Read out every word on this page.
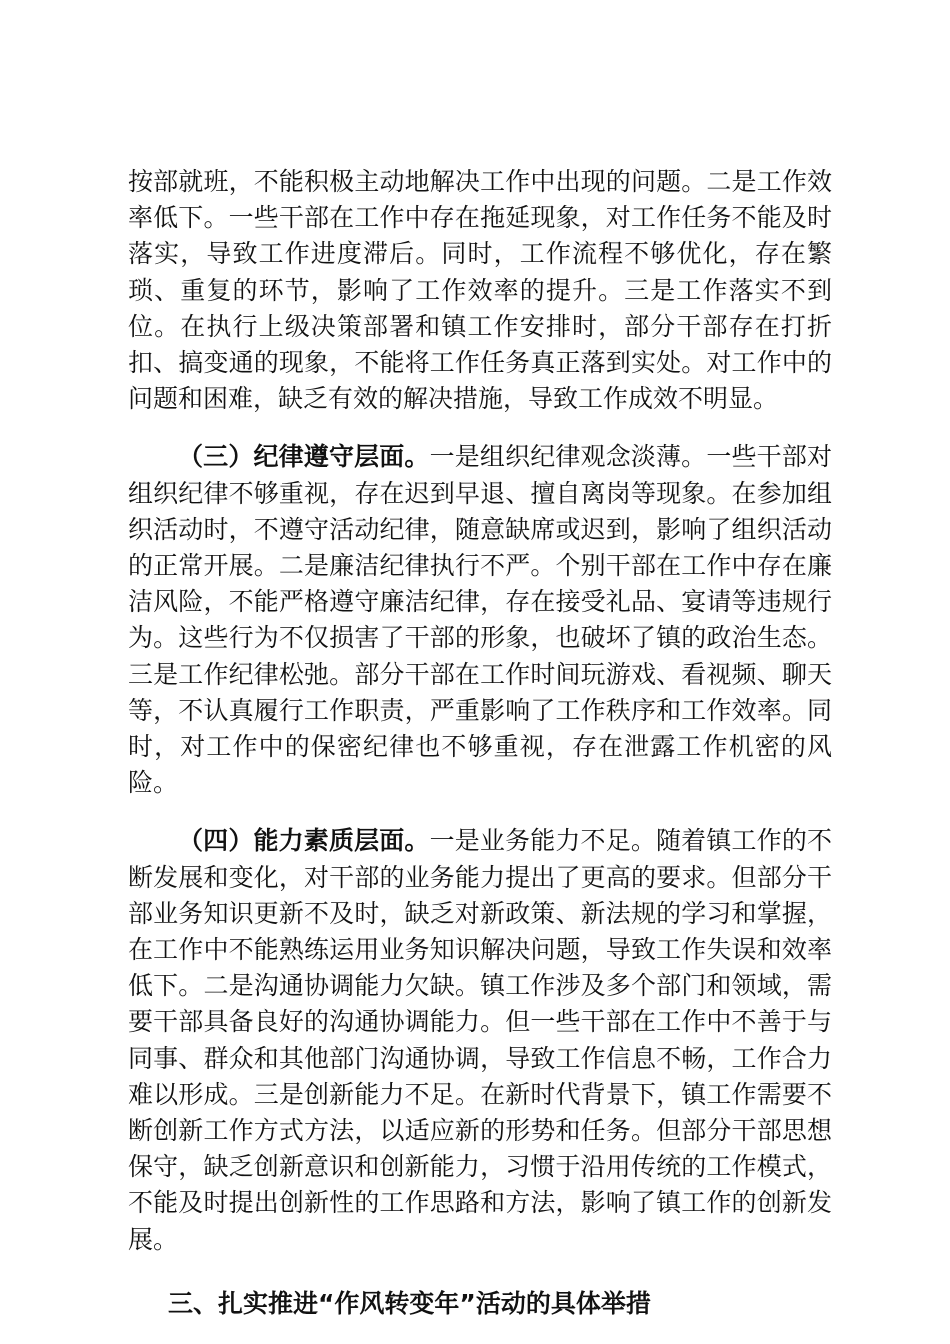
按部就班，不能积极主动地解决工作中出现的问题。二是工作效率低下。一些干部在工作中存在拖延现象，对工作任务不能及时落实，导致工作进度滞后。同时，工作流程不够优化，存在繁琐、重复的环节，影响了工作效率的提升。三是工作落实不到位。在执行上级决策部署和镇工作安排时，部分干部存在打折扣、搞变通的现象，不能将工作任务真正落到实处。对工作中的问题和困难，缺乏有效的解决措施，导致工作成效不明显。

（三）纪律遵守层面。一是组织纪律观念淡薄。一些干部对组织纪律不够重视，存在迟到早退、擅自离岗等现象。在参加组织活动时，不遵守活动纪律，随意缺席或迟到，影响了组织活动的正常开展。二是廉洁纪律执行不严。个别干部在工作中存在廉洁风险，不能严格遵守廉洁纪律，存在接受礼品、宴请等违规行为。这些行为不仅损害了干部的形象，也破坏了镇的政治生态。三是工作纪律松弛。部分干部在工作时间玩游戏、看视频、聊天等，不认真履行工作职责，严重影响了工作秩序和工作效率。同时，对工作中的保密纪律也不够重视，存在泄露工作机密的风险。

（四）能力素质层面。一是业务能力不足。随着镇工作的不断发展和变化，对干部的业务能力提出了更高的要求。但部分干部业务知识更新不及时，缺乏对新政策、新法规的学习和掌握，在工作中不能熟练运用业务知识解决问题，导致工作失误和效率低下。二是沟通协调能力欠缺。镇工作涉及多个部门和领域，需要干部具备良好的沟通协调能力。但一些干部在工作中不善于与同事、群众和其他部门沟通协调，导致工作信息不畅，工作合力难以形成。三是创新能力不足。在新时代背景下，镇工作需要不断创新工作方式方法，以适应新的形势和任务。但部分干部思想保守，缺乏创新意识和创新能力，习惯于沿用传统的工作模式，不能及时提出创新性的工作思路和方法，影响了镇工作的创新发展。

三、扎实推进“作风转变年”活动的具体举措
